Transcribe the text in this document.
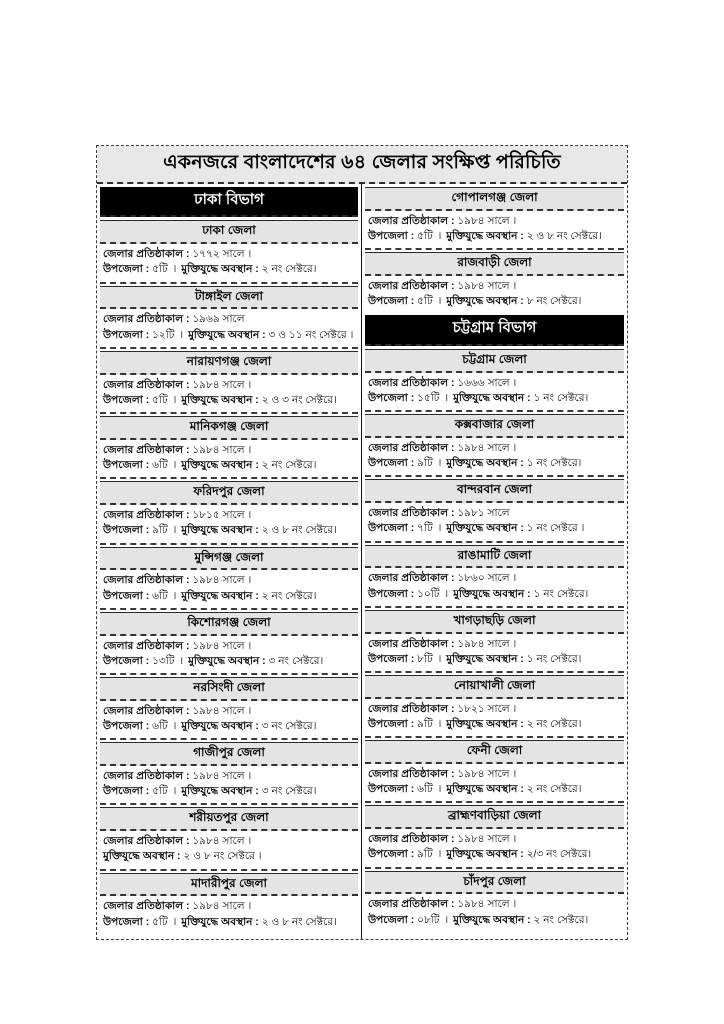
একনজরে বাংলাদেশের ৬৪ জেলার সংক্ষিপ্ত পরিচিতি
ঢাকা বিভাগ
ঢাকা জেলা
জেলার প্রতিষ্ঠাকাল : ১৭৭২ সালে ।
উপজেলা : ৫টি । মুক্তিযুদ্ধে অবস্থান : ২ নং সেক্টরে।
টাঙ্গাইল জেলা
জেলার প্রতিষ্ঠাকাল : ১৯৬৯ সালে
উপজেলা : ১২টি । মুক্তিযুদ্ধে অবস্থান : ৩ ও ১১ নং সেক্টরে ।
নারায়ণগঞ্জ জেলা
জেলার প্রতিষ্ঠাকাল : ১৯৮৪ সালে ।
উপজেলা : ৫টি । মুক্তিযুদ্ধে অবস্থান : ২ ও ৩ নং সেক্টরে।
মানিকগঞ্জ জেলা
জেলার প্রতিষ্ঠাকাল : ১৯৮৪ সালে ।
উপজেলা : ৬টি । মুক্তিযুদ্ধে অবস্থান : ২ নং সেক্টরে।
ফরিদপুর জেলা
জেলার প্রতিষ্ঠাকাল : ১৮১৫ সালে ।
উপজেলা : ৯টি । মুক্তিযুদ্ধে অবস্থান : ২ ও ৮ নং সেক্টরে।
মুন্সিগঞ্জ জেলা
জেলার প্রতিষ্ঠাকাল : ১৯৮৪ সালে ।
উপজেলা : ৬টি । মুক্তিযুদ্ধে অবস্থান : ২ নং সেক্টরে।
কিশোরগঞ্জ জেলা
জেলার প্রতিষ্ঠাকাল : ১৯৮৪ সালে ।
উপজেলা : ১৩টি । মুক্তিযুদ্ধে অবস্থান : ৩ নং সেক্টরে।
নরসিংদী জেলা
জেলার প্রতিষ্ঠাকাল : ১৯৮৪ সালে ।
উপজেলা : ৬টি । মুক্তিযুদ্ধে অবস্থান : ৩ নং সেক্টরে।
গাজীপুর জেলা
জেলার প্রতিষ্ঠাকাল : ১৯৮৪ সালে ।
উপজেলা : ৫টি । মুক্তিযুদ্ধে অবস্থান : ৩ নং সেক্টরে।
শরীয়তপুর জেলা
জেলার প্রতিষ্ঠাকাল : ১৯৮৪ সালে ।
মুক্তিযুদ্ধে অবস্থান : ২ ও ৮ নং সেক্টরে ।
মাদারীপুর জেলা
জেলার প্রতিষ্ঠাকাল : ১৯৮৪ সালে ।
উপজেলা : ৫টি । মুক্তিযুদ্ধে অবস্থান : ২ ও ৮ নং সেক্টরে।
গোপালগঞ্জ জেলা
জেলার প্রতিষ্ঠাকাল : ১৯৮৪ সালে ।
উপজেলা : ৫টি । মুক্তিযুদ্ধে অবস্থান : ২ ও ৮ নং সেক্টরে।
রাজবাড়ী জেলা
জেলার প্রতিষ্ঠাকাল : ১৯৮৪ সালে ।
উপজেলা : ৫টি । মুক্তিযুদ্ধে অবস্থান : ৮ নং সেক্টরে।
চট্টগ্রাম বিভাগ
চট্টগ্রাম জেলা
জেলার প্রতিষ্ঠাকাল : ১৬৬৬ সালে ।
উপজেলা : ১৫টি । মুক্তিযুদ্ধে অবস্থান : ১ নং সেক্টরে।
কক্সবাজার জেলা
জেলার প্রতিষ্ঠাকাল : ১৯৮৪ সালে ।
উপজেলা : ৯টি । মুক্তিযুদ্ধে অবস্থান : ১ নং সেক্টরে।
বান্দরবান জেলা
জেলার প্রতিষ্ঠাকাল : ১৯৮১ সালে
উপজেলা : ৭টি । মুক্তিযুদ্ধে অবস্থান : ১ নং সেক্টরে ।
রাঙামাটি জেলা
জেলার প্রতিষ্ঠাকাল : ১৮৬০ সালে ।
উপজেলা : ১০টি । মুক্তিযুদ্ধে অবস্থান : ১ নং সেক্টরে।
খাগড়াছড়ি জেলা
জেলার প্রতিষ্ঠাকাল : ১৯৮৪ সালে ।
উপজেলা : ৮টি । মুক্তিযুদ্ধে অবস্থান : ১ নং সেক্টরে।
নোয়াখালী জেলা
জেলার প্রতিষ্ঠাকাল : ১৮২১ সালে ।
উপজেলা : ৯টি । মুক্তিযুদ্ধে অবস্থান : ২ নং সেক্টরে।
ফেনী জেলা
জেলার প্রতিষ্ঠাকাল : ১৯৮৪ সালে ।
উপজেলা : ৬টি । মুক্তিযুদ্ধে অবস্থান : ২ নং সেক্টরে।
ব্রাহ্মণবাড়িয়া জেলা
জেলার প্রতিষ্ঠাকাল : ১৯৮৪ সালে ।
উপজেলা : ৯টি । মুক্তিযুদ্ধে অবস্থান : ২/৩ নং সেক্টরে।
চাঁদপুর জেলা
জেলার প্রতিষ্ঠাকাল : ১৯৮৪ সালে ।
উপজেলা : ০৮টি । মুক্তিযুদ্ধে অবস্থান : ২ নং সেক্টরে।
